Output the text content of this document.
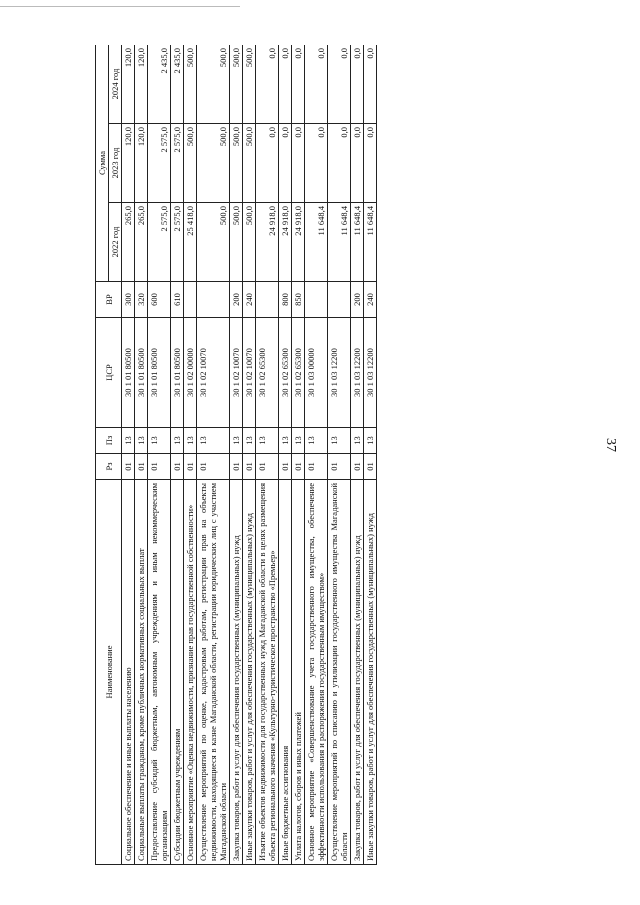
37
Наименование	Рз	Пз	ЦСР	ВР	Сумма		
					2022 год	2023 год	2024 год
Социальное обеспечение и иные выплаты населению	01	13	30 1 01 80500	300	265,0	120,0	120,0
Социальные выплаты гражданам, кроме публичных нормативных социальных выплат	01	13	30 1 01 80500	320	265,0	120,0	120,0
Предоставление субсидий бюджетным, автономным учреждениям и иным некоммерческим организациям	01	13	30 1 01 80500	600	2 575,0	2 575,0	2 435,0
Субсидии бюджетным учреждениям	01	13	30 1 01 80500	610	2 575,0	2 575,0	2 435,0
Основное мероприятие «Оценка недвижимости, признание прав государственной собственности»	01	13	30 1 02 00000		25 418,0	500,0	500,0
Осуществление мероприятий по оценке, кадастровым работам, регистрации прав на объекты недвижимости, находящиеся в казне Магаданской области, регистрации юридических лиц с участием Магаданской области	01	13	30 1 02 10070		500,0	500,0	500,0
Закупка товаров, работ и услуг для обеспечения государственных (муниципальных) нужд	01	13	30 1 02 10070	200	500,0	500,0	500,0
Иные закупки товаров, работ и услуг для обеспечения государственных (муниципальных) нужд	01	13	30 1 02 10070	240	500,0	500,0	500,0
Изъятие объектов недвижимости для государственных нужд Магаданской области в целях размещения объекта регионального значения «Культурно-туристическое пространство «Премьер»	01	13	30 1 02 65300		24 918,0	0,0	0,0
Иные бюджетные ассигнования	01	13	30 1 02 65300	800	24 918,0	0,0	0,0
Уплата налогов, сборов и иных платежей	01	13	30 1 02 65300	850	24 918,0	0,0	0,0
Основное мероприятие «Совершенствование учета государственного имущества, обеспечение эффективности использования и распоряжения государственным имуществом»	01	13	30 1 03 00000		11 648,4	0,0	0,0
Осуществление мероприятий по списанию и утилизации государственного имущества Магаданской области	01	13	30 1 03 12200		11 648,4	0,0	0,0
Закупка товаров, работ и услуг для обеспечения государственных (муниципальных) нужд	01	13	30 1 03 12200	200	11 648,4	0,0	0,0
Иные закупки товаров, работ и услуг для обеспечения государственных (муниципальных) нужд	01	13	30 1 03 12200	240	11 648,4	0,0	0,0
